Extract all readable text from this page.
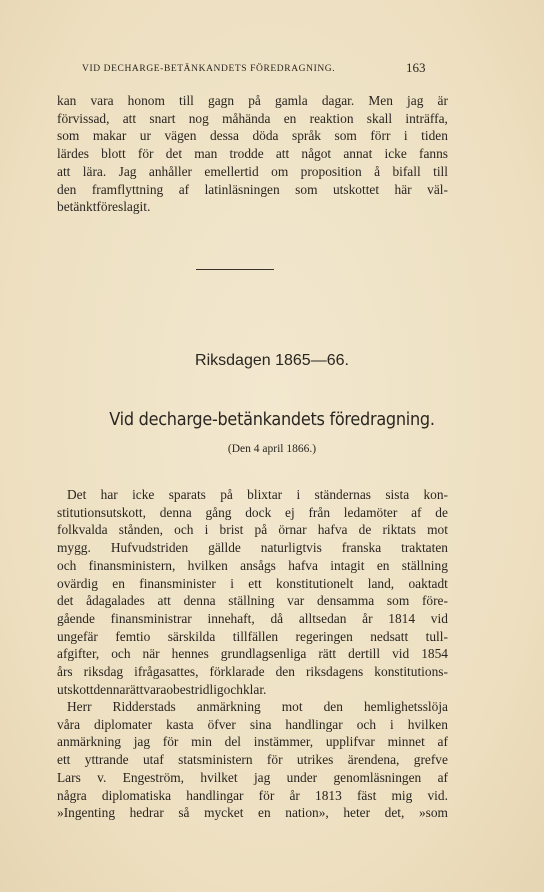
VID DECHARGE-BETÄNKANDETS FÖREDRAGNING.	163
kan vara honom till gagn på gamla dagar. Men jag är
förvissad, att snart nog måhända en reaktion skall inträffa,
som makar ur vägen dessa döda språk som förr i tiden
lärdes blott för det man trodde att något annat icke fanns
att lära. Jag anhåller emellertid om proposition å bifall till
den framflyttning af latinläsningen som utskottet här väl-
betänkt föreslagit.
Riksdagen 1865—66.
Vid decharge-betänkandets föredragning.
(Den 4 april 1866.)
Det har icke sparats på blixtar i ständernas sista kon-
stitutionsutskott, denna gång dock ej från ledamöter af de
folkvalda stånden, och i brist på örnar hafva de riktats mot
mygg. Hufvudstriden gällde naturligtvis franska traktaten
och finansministern, hvilken ansågs hafva intagit en ställning
ovärdig en finansminister i ett konstitutionelt land, oaktadt
det ådagalades att denna ställning var densamma som före-
gående finansministrar innehaft, då alltsedan år 1814 vid
ungefär femtio särskilda tillfällen regeringen nedsatt tull-
afgifter, och när hennes grundlagsenliga rätt dertill vid 1854
års riksdag ifrågasattes, förklarade den riksdagens konstitutions-
utskott denna rätt vara obestridlig och klar.
Herr Ridderstads anmärkning mot den hemlighetsslöja
våra diplomater kasta öfver sina handlingar och i hvilken
anmärkning jag för min del instämmer, upplifvar minnet af
ett yttrande utaf statsministern för utrikes ärendena, grefve
Lars v. Engeström, hvilket jag under genomläsningen af
några diplomatiska handlingar för år 1813 fäst mig vid.
»Ingenting hedrar så mycket en nation», heter det, »som
